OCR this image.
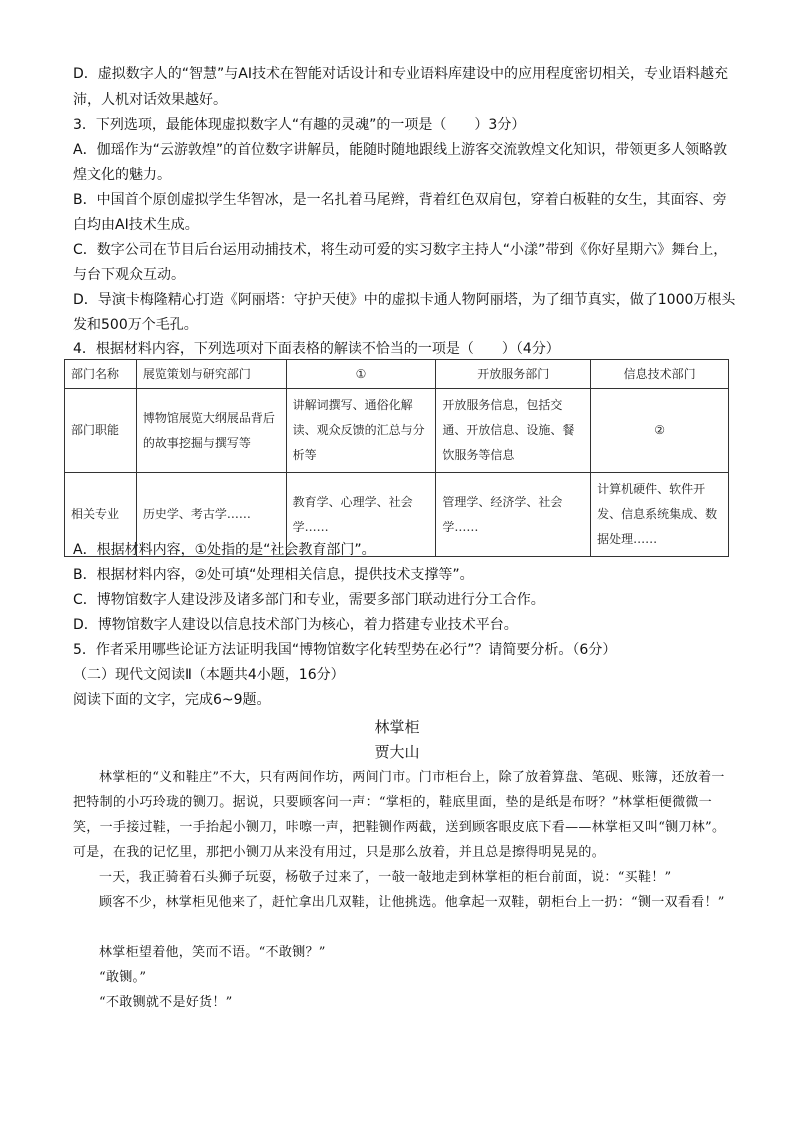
D．虚拟数字人的“智慧”与AI技术在智能对话设计和专业语料库建设中的应用程度密切相关，专业语料越充
沛，人机对话效果越好。
3．下列选项，最能体现虚拟数字人“有趣的灵魂”的一项是（　　）3分）
A．伽瑶作为“云游敦煌”的首位数字讲解员，能随时随地跟线上游客交流敦煌文化知识，带领更多人领略敦
煌文化的魅力。
B．中国首个原创虚拟学生华智冰，是一名扎着马尾辫，背着红色双肩包，穿着白板鞋的女生，其面容、旁
白均由AI技术生成。
C．数字公司在节目后台运用动捕技术，将生动可爱的实习数字主持人“小漾”带到《你好星期六》舞台上，
与台下观众互动。
D．导演卡梅隆精心打造《阿丽塔：守护天使》中的虚拟卡通人物阿丽塔，为了细节真实，做了1000万根头
发和500万个毛孔。
4．根据材料内容，下列选项对下面表格的解读不恰当的一项是（　　）（4分）
部门名称	展览策划与研究部门	①	开放服务部门	信息技术部门
部门职能	博物馆展览大纲展品背后的故事挖掘与撰写等	讲解词撰写、通俗化解读、观众反馈的汇总与分析等	开放服务信息，包括交通、开放信息、设施、餐饮服务等信息	②
相关专业	历史学、考古学……	教育学、心理学、社会学……	管理学、经济学、社会学……	计算机硬件、软件开发、信息系统集成、数据处理……
A．根据材料内容，①处指的是“社会教育部门”。
B．根据材料内容，②处可填“处理相关信息，提供技术支撑等”。
C．博物馆数字人建设涉及诸多部门和专业，需要多部门联动进行分工合作。
D．博物馆数字人建设以信息技术部门为核心，着力搭建专业技术平台。
5．作者采用哪些论证方法证明我国“博物馆数字化转型势在必行”？请简要分析。（6分）
（二）现代文阅读Ⅱ（本题共4小题，16分）
阅读下面的文字，完成6~9题。
林掌柜
贾大山
林掌柜的“义和鞋庄”不大，只有两间作坊，两间门市。门市柜台上，除了放着算盘、笔砚、账簿，还放着一把特制的小巧玲珑的铡刀。据说，只要顾客问一声：“掌柜的，鞋底里面，垫的是纸是布呀？”林掌柜便微微一笑，一手接过鞋，一手抬起小铡刀，咔嚓一声，把鞋铡作两截，送到顾客眼皮底下看——林掌柜又叫“铡刀林”。可是，在我的记忆里，那把小铡刀从来没有用过，只是那么放着，并且总是擦得明晃晃的。
一天，我正骑着石头狮子玩耍，杨敬子过来了，一敧一敧地走到林掌柜的柜台前面，说：“买鞋！”
顾客不少，林掌柜见他来了，赶忙拿出几双鞋，让他挑选。他拿起一双鞋，朝柜台上一扔：“铡一双看看！”
林掌柜望着他，笑而不语。“不敢铡？”
“敢铡。”
“不敢铡就不是好货！”
